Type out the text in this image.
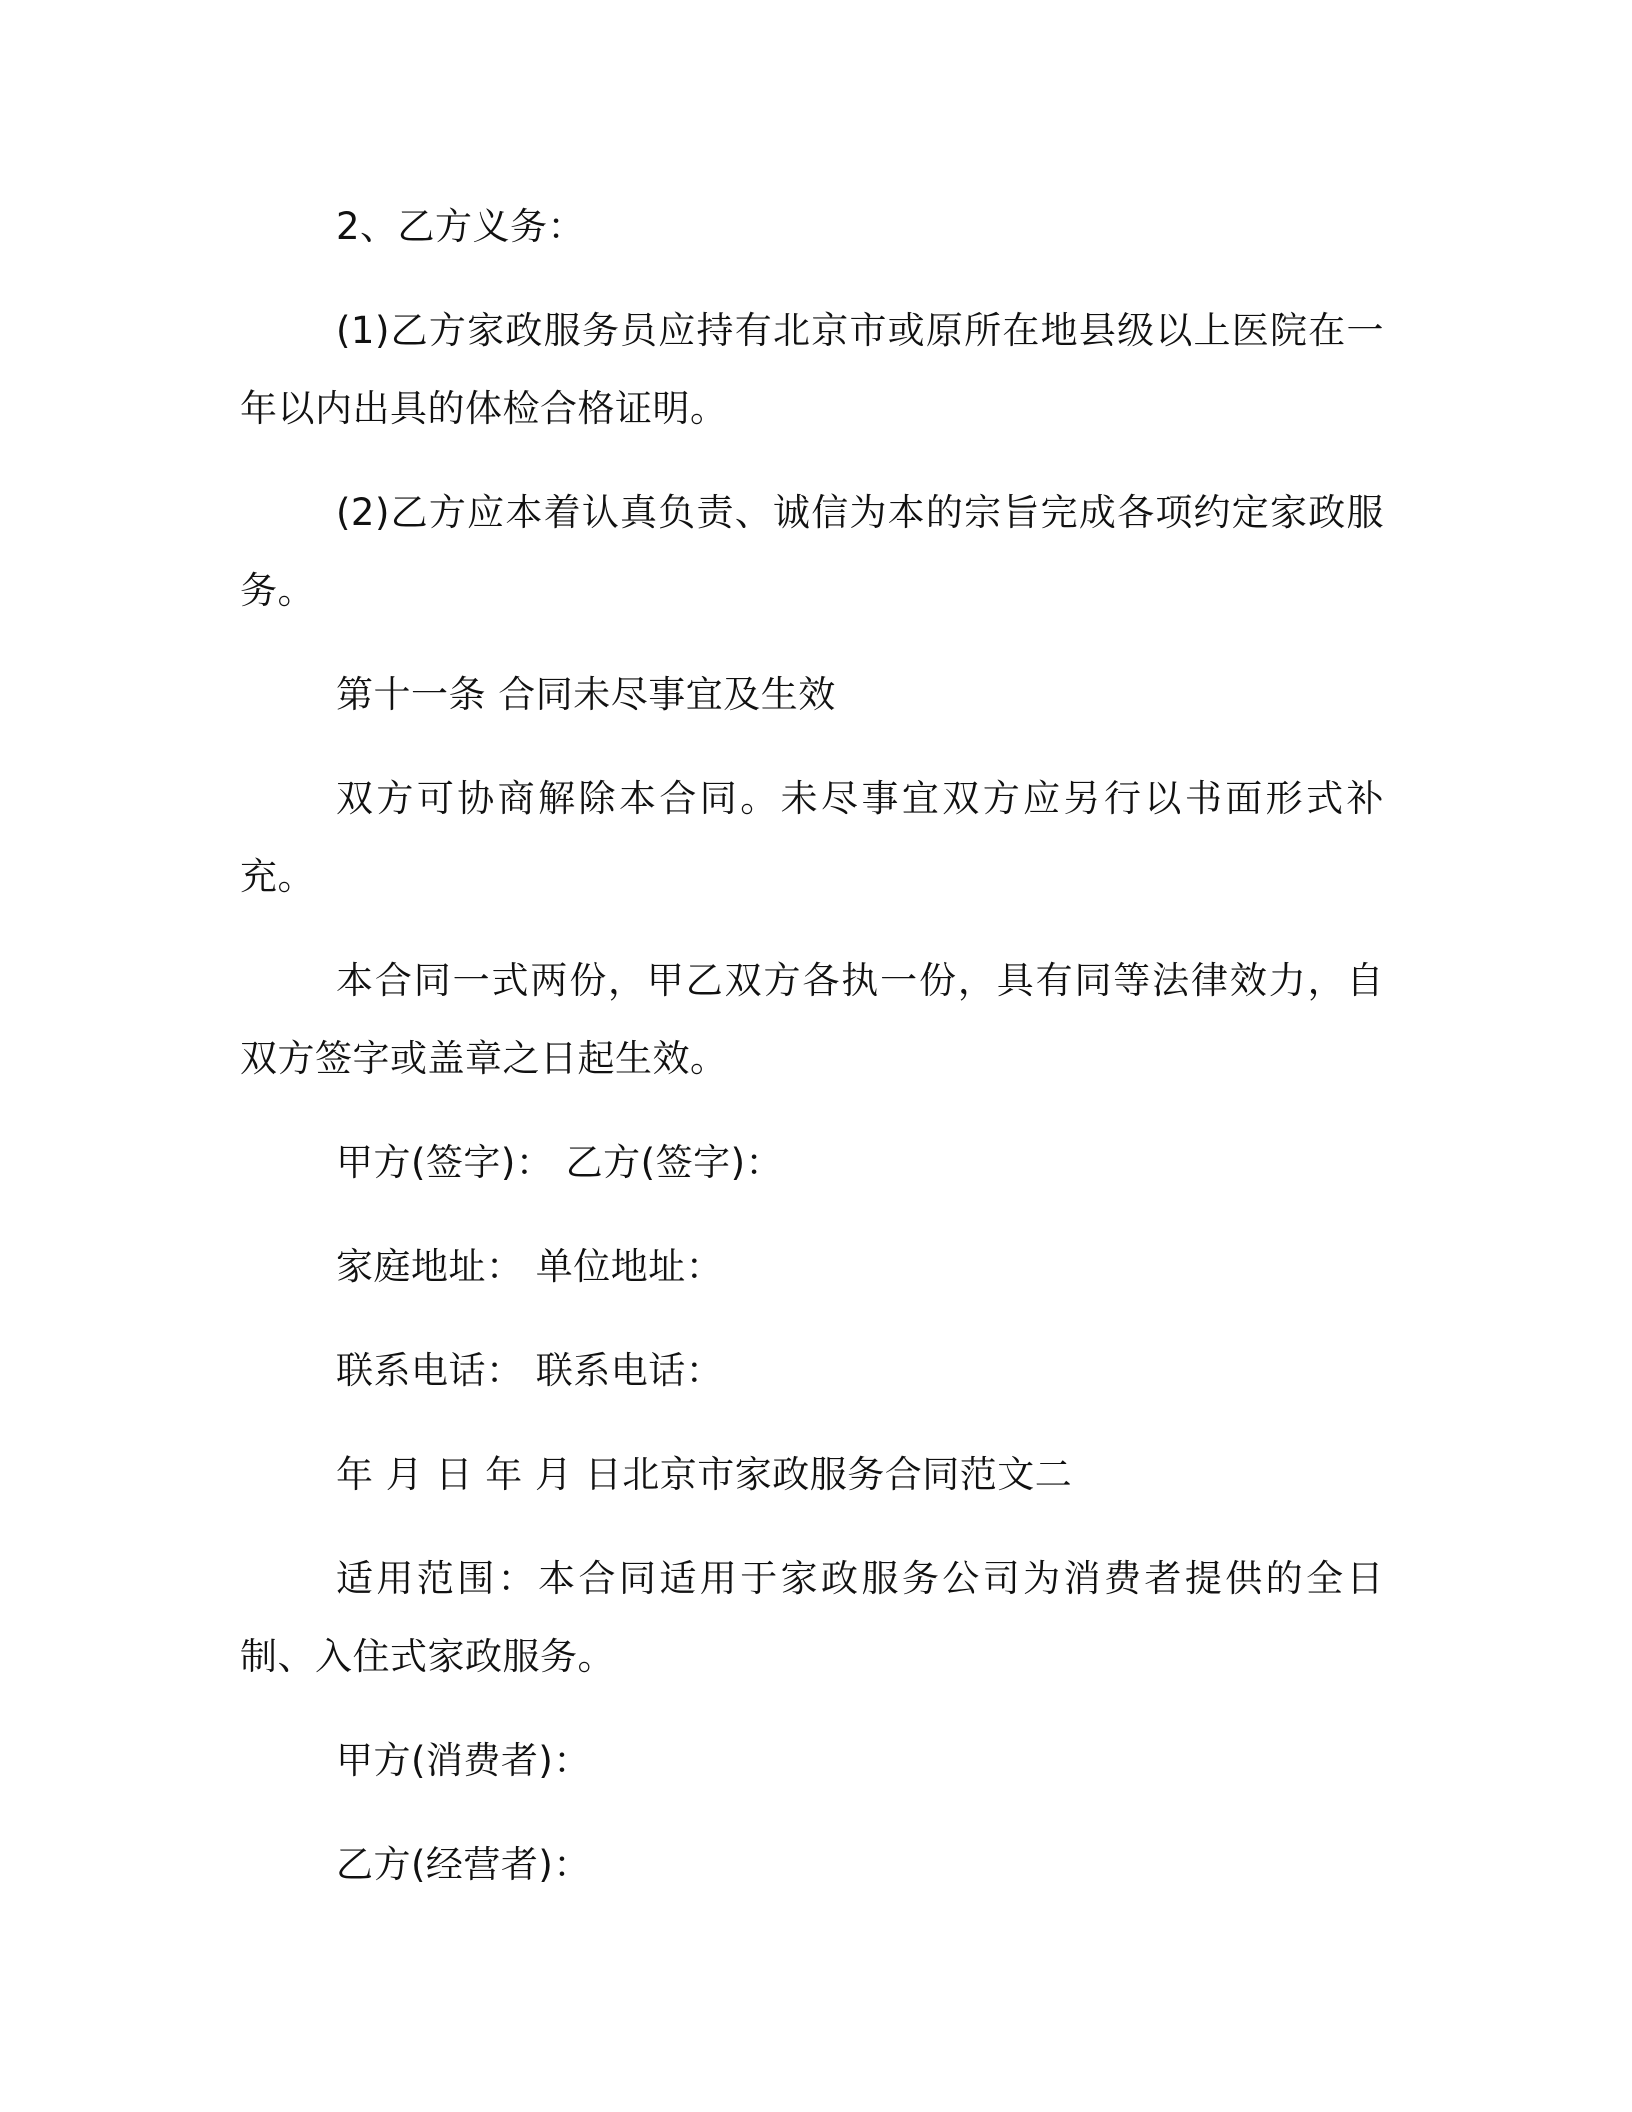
2、乙方义务：

(1)乙方家政服务员应持有北京市或原所在地县级以上医院在一年以内出具的体检合格证明。

(2)乙方应本着认真负责、诚信为本的宗旨完成各项约定家政服务。

第十一条 合同未尽事宜及生效

双方可协商解除本合同。未尽事宜双方应另行以书面形式补充。

本合同一式两份，甲乙双方各执一份，具有同等法律效力，自双方签字或盖章之日起生效。

甲方(签字)： 乙方(签字)：

家庭地址： 单位地址：

联系电话： 联系电话：

年 月 日 年 月 日北京市家政服务合同范文二

适用范围：本合同适用于家政服务公司为消费者提供的全日制、入住式家政服务。

甲方(消费者)：

乙方(经营者)：
